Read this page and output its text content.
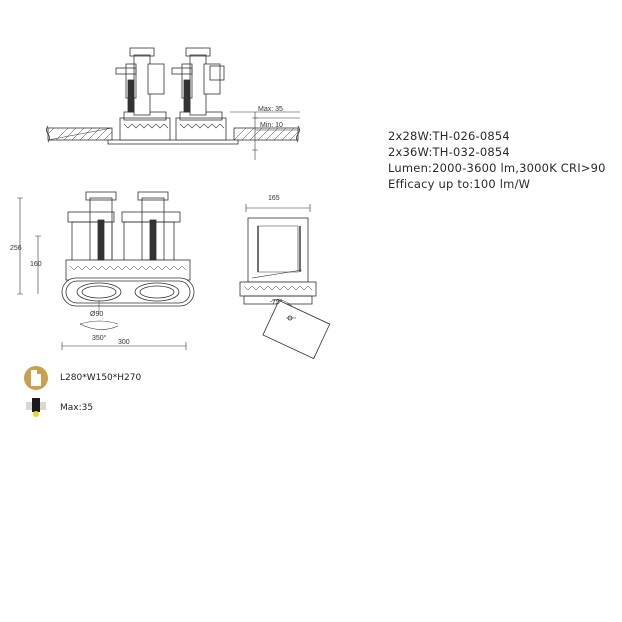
Max: 35
Min: 10
256
160
Ø90
350°
300
165
75°
2x28W:TH-026-0854
2x36W:TH-032-0854
Lumen:2000-3600 lm,3000K CRI>90
Efficacy up to:100 lm/W
L280*W150*H270
Max:35
